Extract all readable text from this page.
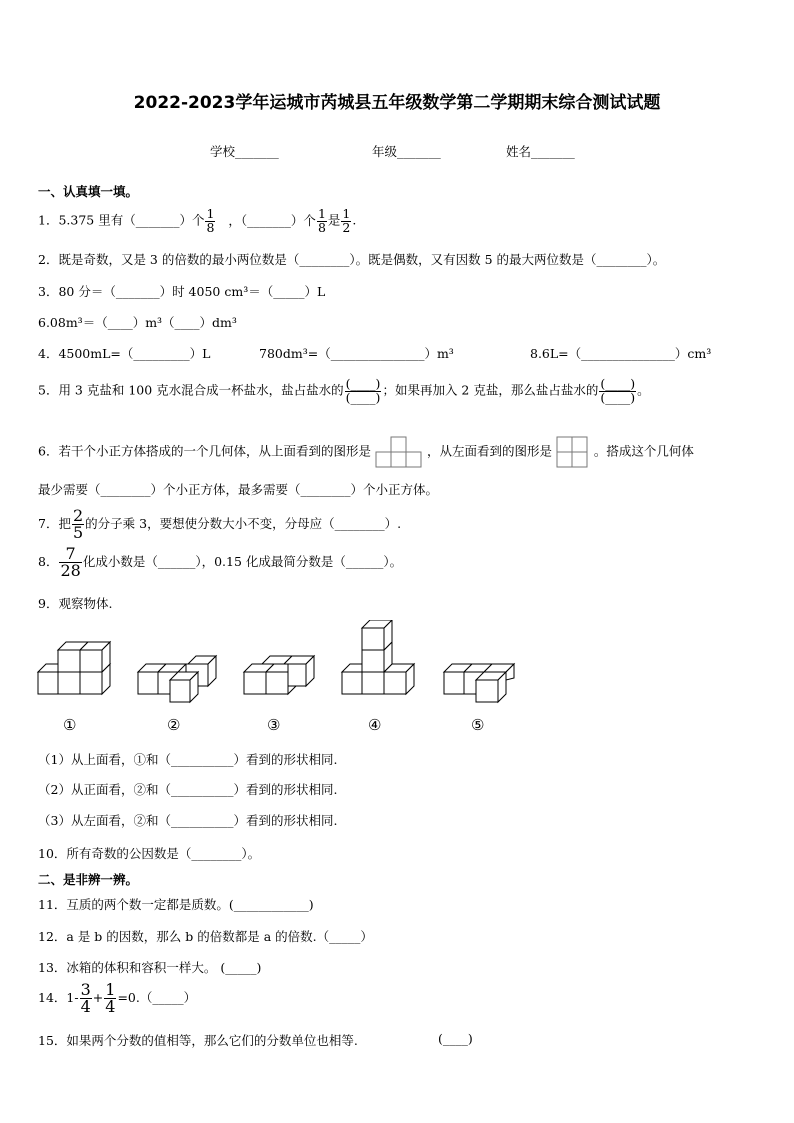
2022-2023学年运城市芮城县五年级数学第二学期期末综合测试试题
学校_______	年级_______	姓名_______
一、认真填一填。
1．5.375 里有（_______）个 $\frac{1}{8}$ ，（_______）个 $\frac{1}{8}$ 是 $\frac{1}{2}$ .
2．既是奇数，又是 3 的倍数的最小两位数是（________）。既是偶数，又有因数 5 的最大两位数是（________）。
3．80 分＝（_______）时 4050 cm³＝（_____）L
6.08m³＝（____）m³（____）dm³
4．4500mL=（_________）L	780dm³=（_______________）m³	8.6L=（_______________）cm³
5．用 3 克盐和 100 克水混合成一杯盐水，盐占盐水的 $\frac{(\_\_\_\_)}{(\_\_\_\_)}$ ；如果再加入 2 克盐，那么盐占盐水的 $\frac{(\_\_\_\_)}{(\_\_\_\_)}$ 。
6．若干个小正方体搭成的一个几何体，从上面看到的图形是	，从左面看到的图形是	。搭成这个几何体
最少需要（________）个小正方体，最多需要（________）个小正方体。
7．把 $\frac{2}{5}$ 的分子乘 3，要想使分数大小不变，分母应（________）.
8． $\frac{7}{28}$ 化成小数是（______），0.15 化成最简分数是（______）。
9．观察物体.
①	②	③	④	⑤
（1）从上面看，①和（__________）看到的形状相同.
（2）从正面看，②和（__________）看到的形状相同.
（3）从左面看，②和（__________）看到的形状相同.
10．所有奇数的公因数是（________）。
二、是非辨一辨。
11．互质的两个数一定都是质数。(____________)
12．a 是 b 的因数，那么 b 的倍数都是 a 的倍数.（_____）
13．冰箱的体积和容积一样大。 (_____)
14．$1- \frac{3}{4} + \frac{1}{4}$ =0.（_____）
15．如果两个分数的值相等，那么它们的分数单位也相等.	(____)
